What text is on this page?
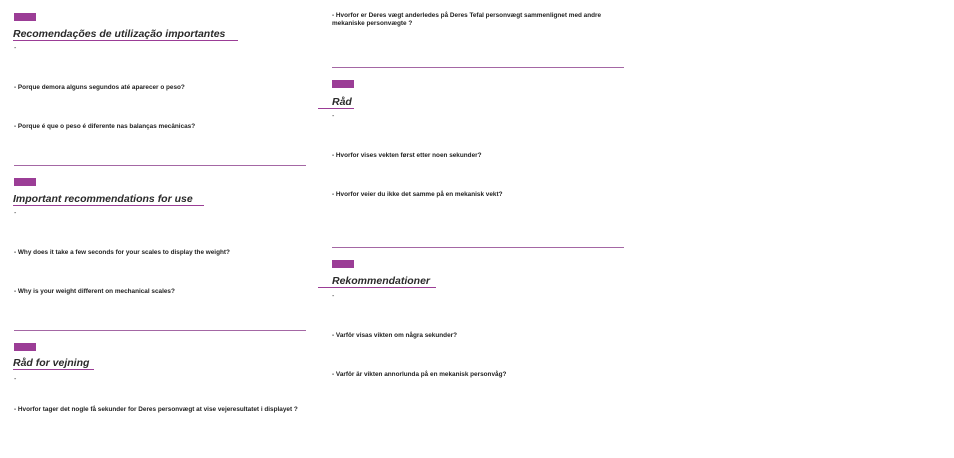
Recomendações de utilização importantes
-
- Porque demora alguns segundos até aparecer o peso?
- Porque é que o peso é diferente nas balanças mecânicas?
Important recommendations for use
-
- Why does it take a few seconds for your scales to display the weight?
- Why is your weight different on mechanical scales?
Råd for vejning
-
- Hvorfor tager det nogle få sekunder for Deres personvægt at vise vejeresultatet i displayet ?
- Hvorfor er Deres vægt anderledes på Deres Tefal personvægt sammenlignet med andre mekaniske personvægte ?
Råd
-
- Hvorfor vises vekten først etter noen sekunder?
- Hvorfor veier du ikke det samme på en mekanisk vekt?
Rekommendationer
-
- Varför visas vikten om några sekunder?
- Varför är vikten annorlunda på en mekanisk personvåg?
